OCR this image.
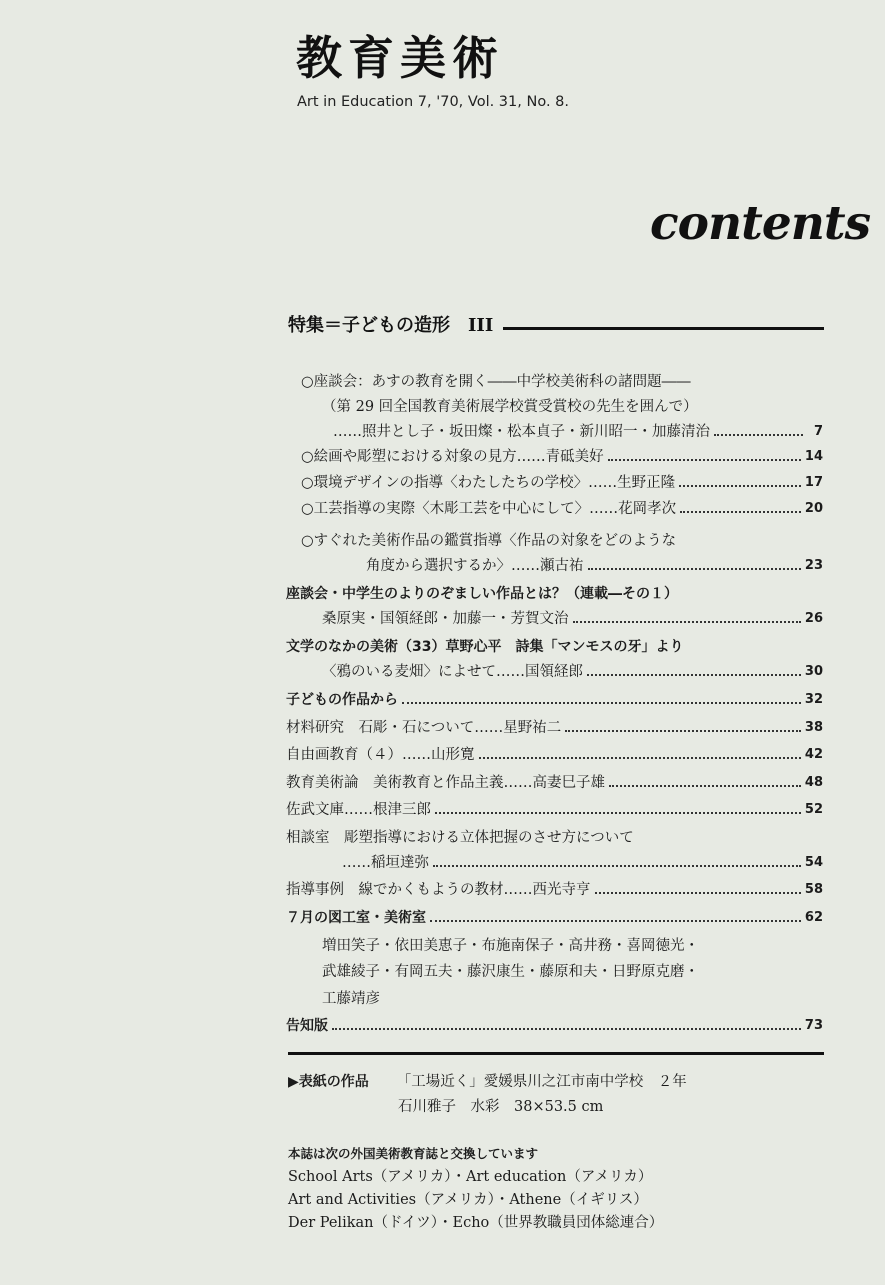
教育美術
Art in Education 7, '70, Vol. 31, No. 8.
contents
特集＝子どもの造形 III
○座談会：あすの教育を開く――中学校美術科の諸問題――
（第 29 回全国教育美術展学校賞受賞校の先生を囲んで）
……照井とし子・坂田燦・松本貞子・新川昭一・加藤清治	7
○絵画や彫塑における対象の見方……青砥美好	14
○環境デザインの指導〈わたしたちの学校〉……生野正隆	17
○工芸指導の実際〈木彫工芸を中心にして〉……花岡孝次	20
○すぐれた美術作品の鑑賞指導〈作品の対象をどのような
角度から選択するか〉……瀬古祐	23
座談会・中学生のよりのぞましい作品とは？（連載―その１）
桑原実・国領経郎・加藤一・芳賀文治	26
文学のなかの美術（33）草野心平　詩集「マンモスの牙」より
〈鴉のいる麦畑〉によせて……国領経郎	30
子どもの作品から	32
材料研究　石彫・石について……星野祐二	38
自由画教育（４）……山形寛	42
教育美術論　美術教育と作品主義……高妻巳子雄	48
佐武文庫……根津三郎	52
相談室　彫塑指導における立体把握のさせ方について
……稲垣達弥	54
指導事例　線でかくもようの教材……西光寺亨	58
７月の図工室・美術室	62
増田笑子・依田美恵子・布施南保子・高井務・喜岡徳光・
武雄綾子・有岡五夫・藤沢康生・藤原和夫・日野原克磨・
工藤靖彦
告知版	73
▶表紙の作品 「工場近く」愛媛県川之江市南中学校　２年
石川雅子　水彩　38×53.5 cm
本誌は次の外国美術教育誌と交換しています
School Arts（アメリカ）・Art education（アメリカ）
Art and Activities（アメリカ）・Athene（イギリス）
Der Pelikan（ドイツ）・Echo（世界教職員団体総連合）
